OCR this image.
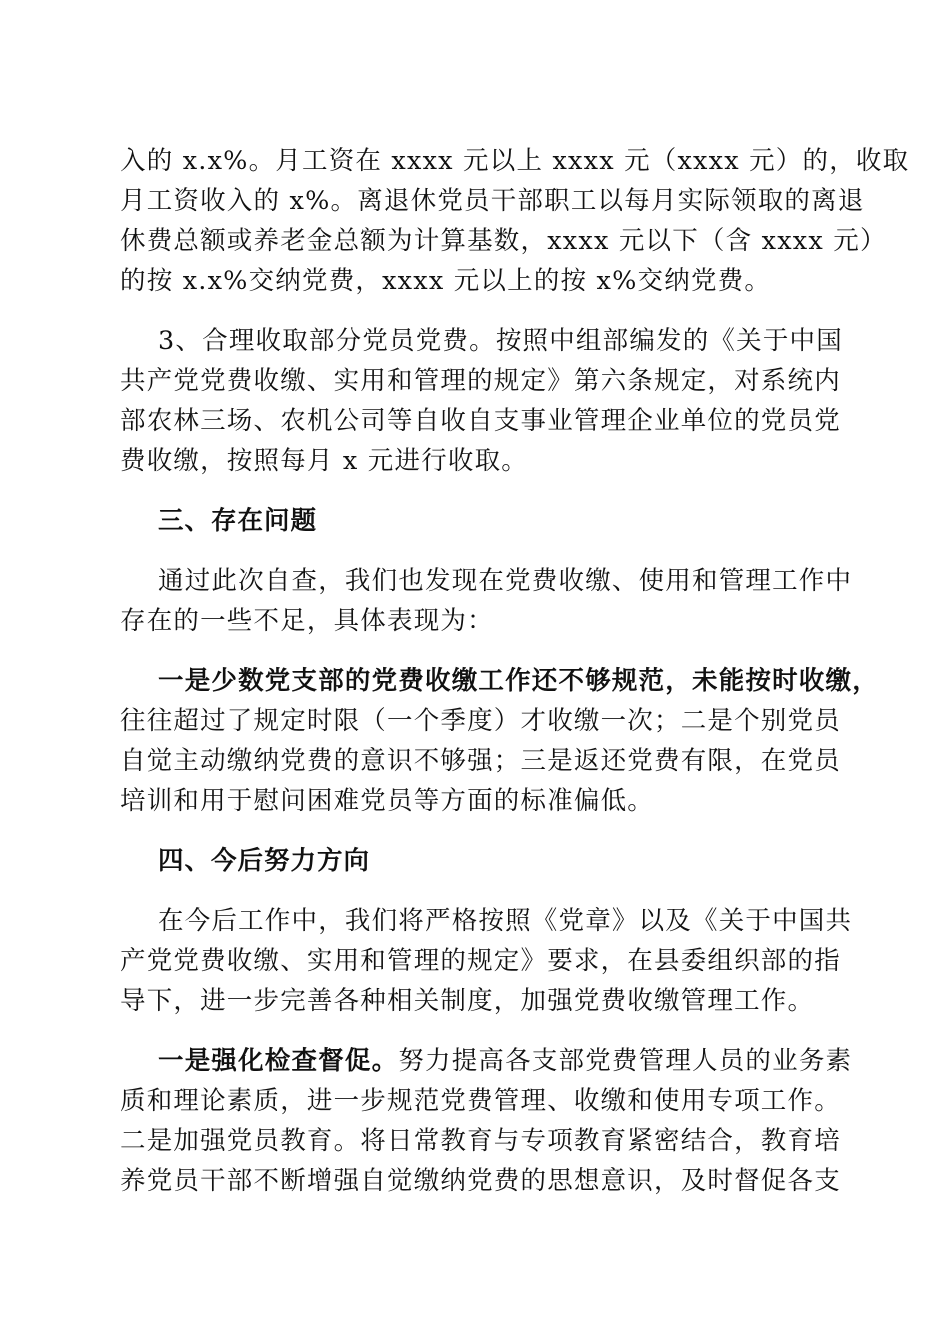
入的 x.x%。月工资在 xxxx 元以上 xxxx 元（xxxx 元）的，收取
月工资收入的 x%。离退休党员干部职工以每月实际领取的离退
休费总额或养老金总额为计算基数，xxxx 元以下（含 xxxx 元）
的按 x.x%交纳党费，xxxx 元以上的按 x%交纳党费。
3、合理收取部分党员党费。按照中组部编发的《关于中国
共产党党费收缴、实用和管理的规定》第六条规定，对系统内
部农林三场、农机公司等自收自支事业管理企业单位的党员党
费收缴，按照每月 x 元进行收取。
三、存在问题
通过此次自查，我们也发现在党费收缴、使用和管理工作中
存在的一些不足，具体表现为：
一是少数党支部的党费收缴工作还不够规范，未能按时收缴，
往往超过了规定时限（一个季度）才收缴一次；二是个别党员
自觉主动缴纳党费的意识不够强；三是返还党费有限，在党员
培训和用于慰问困难党员等方面的标准偏低。
四、今后努力方向
在今后工作中，我们将严格按照《党章》以及《关于中国共
产党党费收缴、实用和管理的规定》要求，在县委组织部的指
导下，进一步完善各种相关制度，加强党费收缴管理工作。
一是强化检查督促。努力提高各支部党费管理人员的业务素
质和理论素质，进一步规范党费管理、收缴和使用专项工作。
二是加强党员教育。将日常教育与专项教育紧密结合，教育培
养党员干部不断增强自觉缴纳党费的思想意识，及时督促各支
